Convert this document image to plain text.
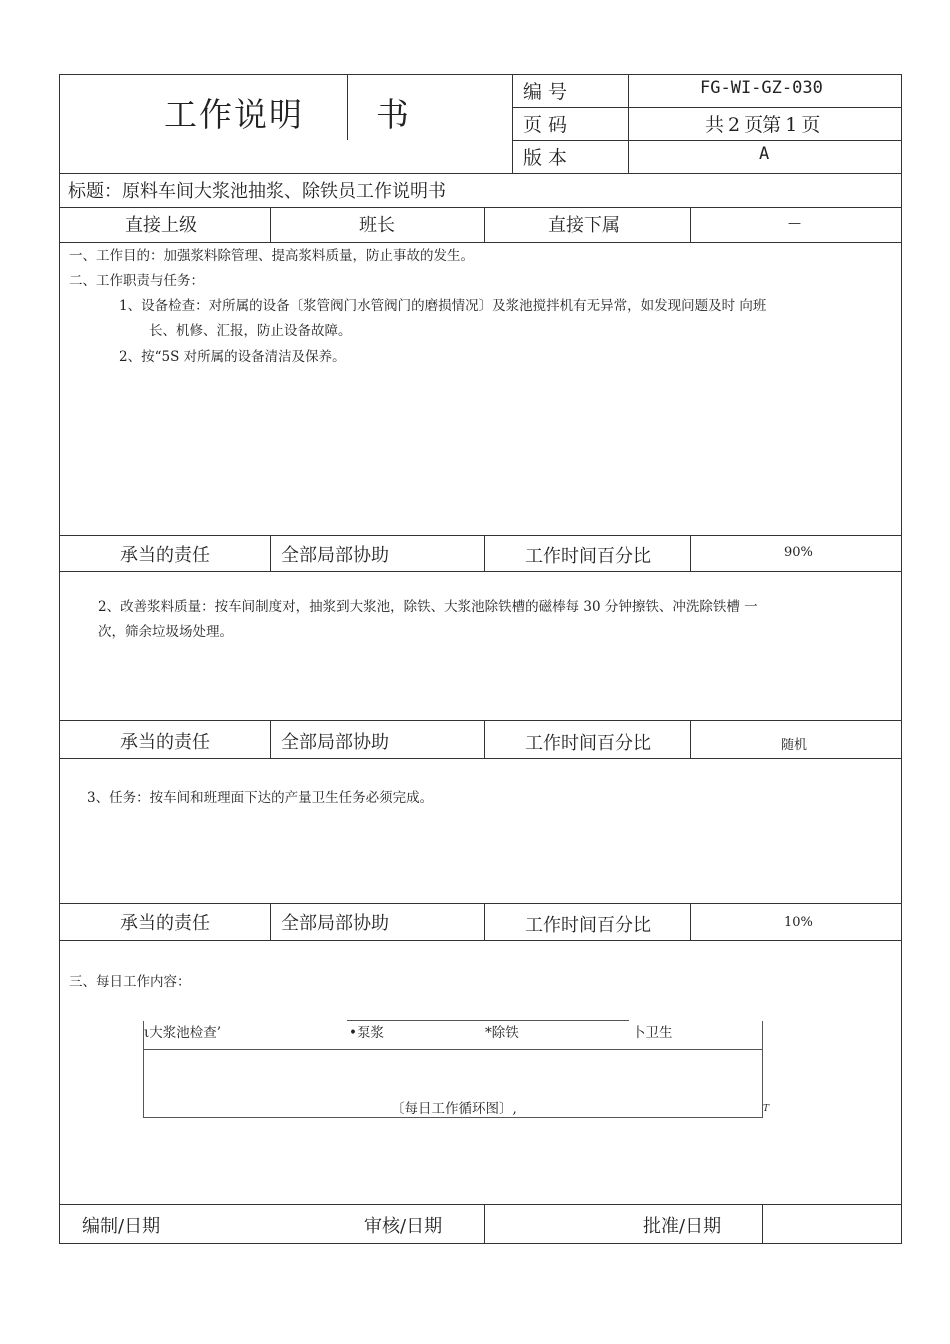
工作说明 书
编 号	FG-WI-GZ-030
页 码	共 2 页第 1 页
版 本	A
标题：原料车间大浆池抽浆、除铁员工作说明书
直接上级	班长	直接下属	—
一、工作目的：加强浆料除管理、提高浆料质量，防止事故的发生。
二、工作职责与任务：
1、设备检查：对所属的设备〔浆管阀门水管阀门的磨损情况〕及浆池搅拌机有无异常，如发现问题及时 向班
长、机修、汇报，防止设备故障。
2、按“5S 对所属的设备清洁及保养。
承当的责任	全部局部协助	工作时间百分比	90%
2、改善浆料质量：按车间制度对，抽浆到大浆池，除铁、大浆池除铁槽的磁棒每 30 分钟擦铁、冲洗除铁槽 一
次，筛余垃圾场处理。
承当的责任	全部局部协助	工作时间百分比	随机
3、任务：按车间和班理面下达的产量卫生任务必须完成。
承当的责任	全部局部协助	工作时间百分比	10%
三、每日工作内容：
ι大浆池检查’	•泵浆	*除铁	卜卫生
〔每日工作循环图〕,	T
编制/日期	审核/日期	批准/日期
